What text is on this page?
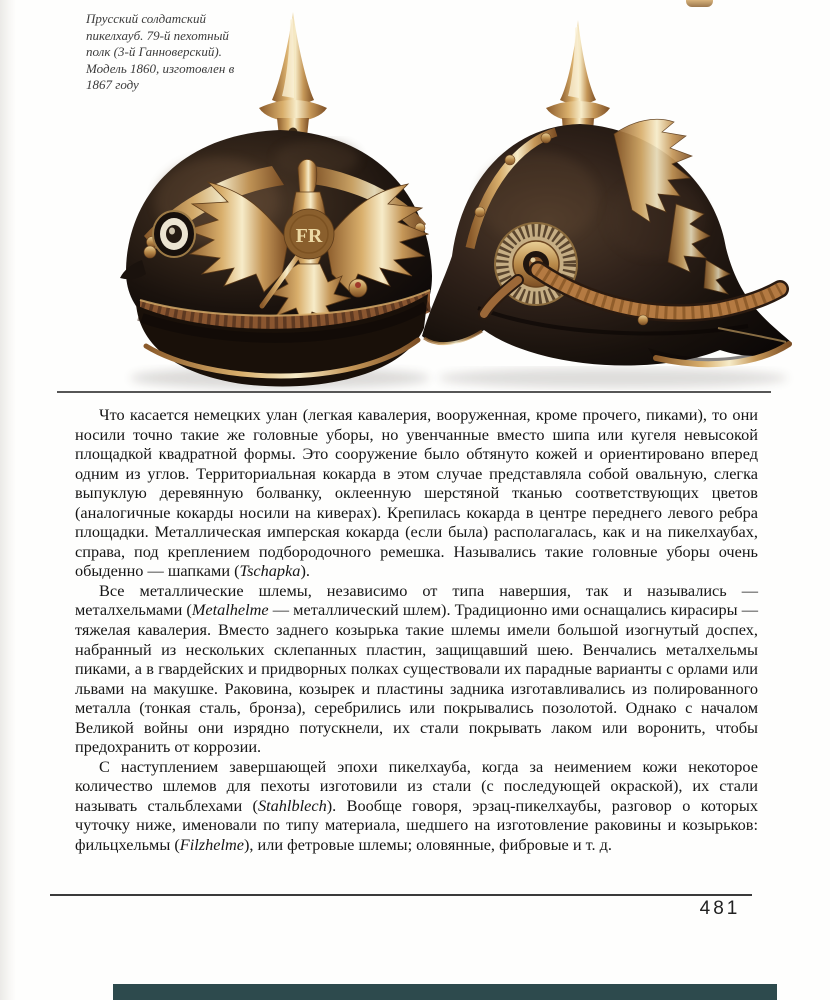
Прусский солдатский
пикелхауб. 79-й пехотный
полк (3-й Ганноверский).
Модель 1860, изготовлен в
1867 году
FR

Что касается немецких улан (легкая кавалерия, вооруженная, кроме прочего, пиками), то они носили точно такие же головные уборы, но увенчанные вместо шипа или кугеля невысокой площадкой квадратной формы. Это сооружение было обтянуто кожей и ориентировано вперед одним из углов. Территориальная кокарда в этом случае представляла собой овальную, слегка выпуклую деревянную болванку, оклеенную шерстяной тканью соответствующих цветов (аналогичные кокарды носили на киверах). Крепилась кокарда в центре переднего левого ребра площадки. Металлическая имперская кокарда (если была) располагалась, как и на пикелхаубах, справа, под креплением подбородочного ремешка. Назывались такие головные уборы очень обыденно — шапками (Tschapka).

Все металлические шлемы, независимо от типа навершия, так и назывались — металхельмами (Metalhelme — металлический шлем). Традиционно ими оснащались кирасиры — тяжелая кавалерия. Вместо заднего козырька такие шлемы имели большой изогнутый доспех, набранный из нескольких склепанных пластин, защищавший шею. Венчались металхельмы пиками, а в гвардейских и придворных полках существовали их парадные варианты с орлами или львами на макушке. Раковина, козырек и пластины задника изготавливались из полированного металла (тонкая сталь, бронза), серебрились или покрывались позолотой. Однако с началом Великой войны они изрядно потускнели, их стали покрывать лаком или воронить, чтобы предохранить от коррозии.

С наступлением завершающей эпохи пикелхауба, когда за неимением кожи некоторое количество шлемов для пехоты изготовили из стали (с последующей окраской), их стали называть стальблехами (Stahlblech). Вообще говоря, эрзац-пикелхаубы, разговор о которых чуточку ниже, именовали по типу материала, шедшего на изготовление раковины и козырьков: фильцхельмы (Filzhelme), или фетровые шлемы; оловянные, фибровые и т. д.

481
